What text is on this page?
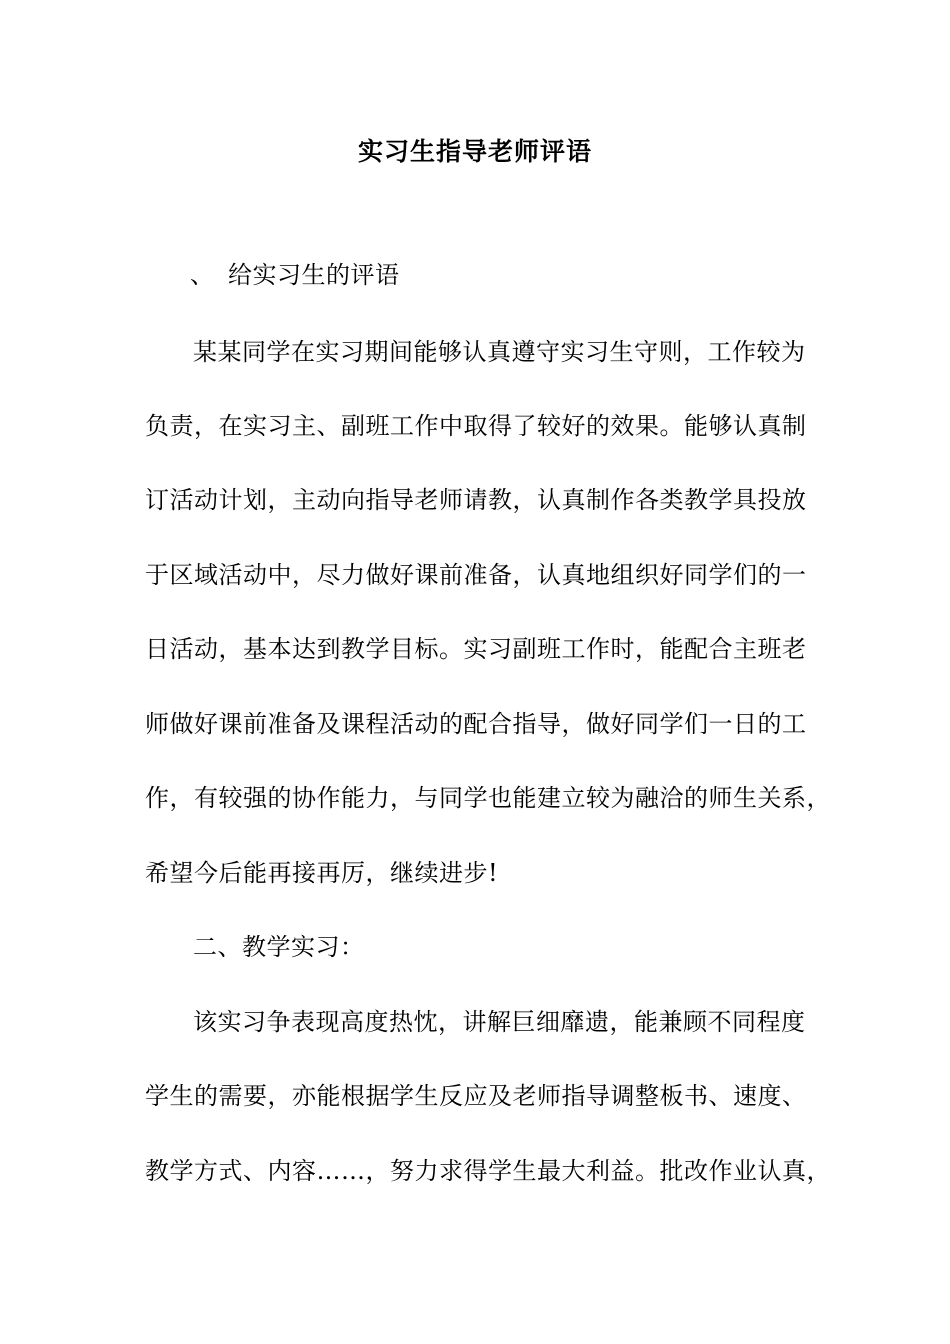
实习生指导老师评语
、 给实习生的评语
某某同学在实习期间能够认真遵守实习生守则，工作较为
负责，在实习主、副班工作中取得了较好的效果。能够认真制
订活动计划，主动向指导老师请教，认真制作各类教学具投放
于区域活动中，尽力做好课前准备，认真地组织好同学们的一
日活动，基本达到教学目标。实习副班工作时，能配合主班老
师做好课前准备及课程活动的配合指导，做好同学们一日的工
作，有较强的协作能力，与同学也能建立较为融洽的师生关系，
希望今后能再接再厉，继续进步!
二、教学实习：
该实习争表现高度热忱，讲解巨细靡遗，能兼顾不同程度
学生的需要，亦能根据学生反应及老师指导调整板书、速度、
教学方式、内容……，努力求得学生最大利益。批改作业认真，
